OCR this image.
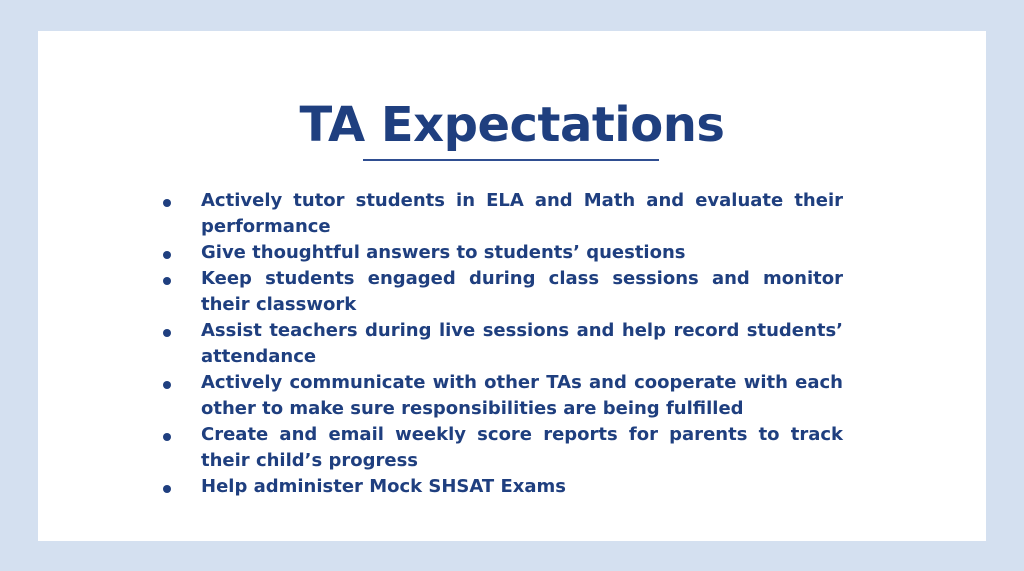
TA Expectations
Actively tutor students in ELA and Math and evaluate their performance
Give thoughtful answers to students’ questions
Keep students engaged during class sessions and monitor their classwork
Assist teachers during live sessions and help record students’ attendance
Actively communicate with other TAs and cooperate with each other to make sure responsibilities are being fulfilled
Create and email weekly score reports for parents to track their child’s progress
Help administer Mock SHSAT Exams
